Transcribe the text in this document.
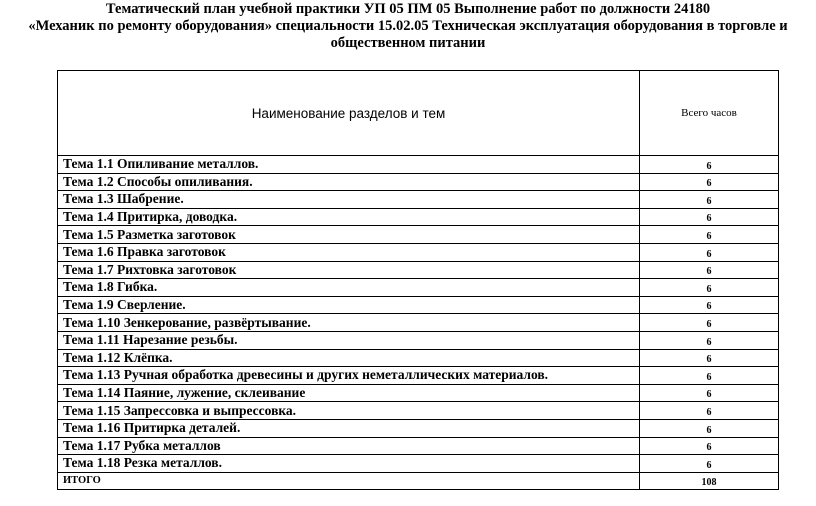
Тематический план учебной практики УП 05 ПМ 05 Выполнение работ по должности 24180
«Механик по ремонту оборудования» специальности 15.02.05 Техническая эксплуатация оборудования в торговле и
общественном питании
Наименование разделов и тем	Всего часов
Тема 1.1 Опиливание металлов.	6
Тема 1.2 Способы опиливания.	6
Тема 1.3 Шабрение.	6
Тема 1.4 Притирка, доводка.	6
Тема 1.5 Разметка заготовок	6
Тема 1.6 Правка заготовок	6
Тема 1.7 Рихтовка заготовок	6
Тема 1.8 Гибка.	6
Тема 1.9 Сверление.	6
Тема 1.10 Зенкерование, развёртывание.	6
Тема 1.11 Нарезание резьбы.	6
Тема 1.12 Клёпка.	6
Тема 1.13 Ручная обработка древесины и других неметаллических материалов.	6
Тема 1.14 Паяние, лужение, склеивание	6
Тема 1.15 Запрессовка и выпрессовка.	6
Тема 1.16 Притирка деталей.	6
Тема 1.17 Рубка металлов	6
Тема 1.18 Резка металлов.	6
ИТОГО	108
